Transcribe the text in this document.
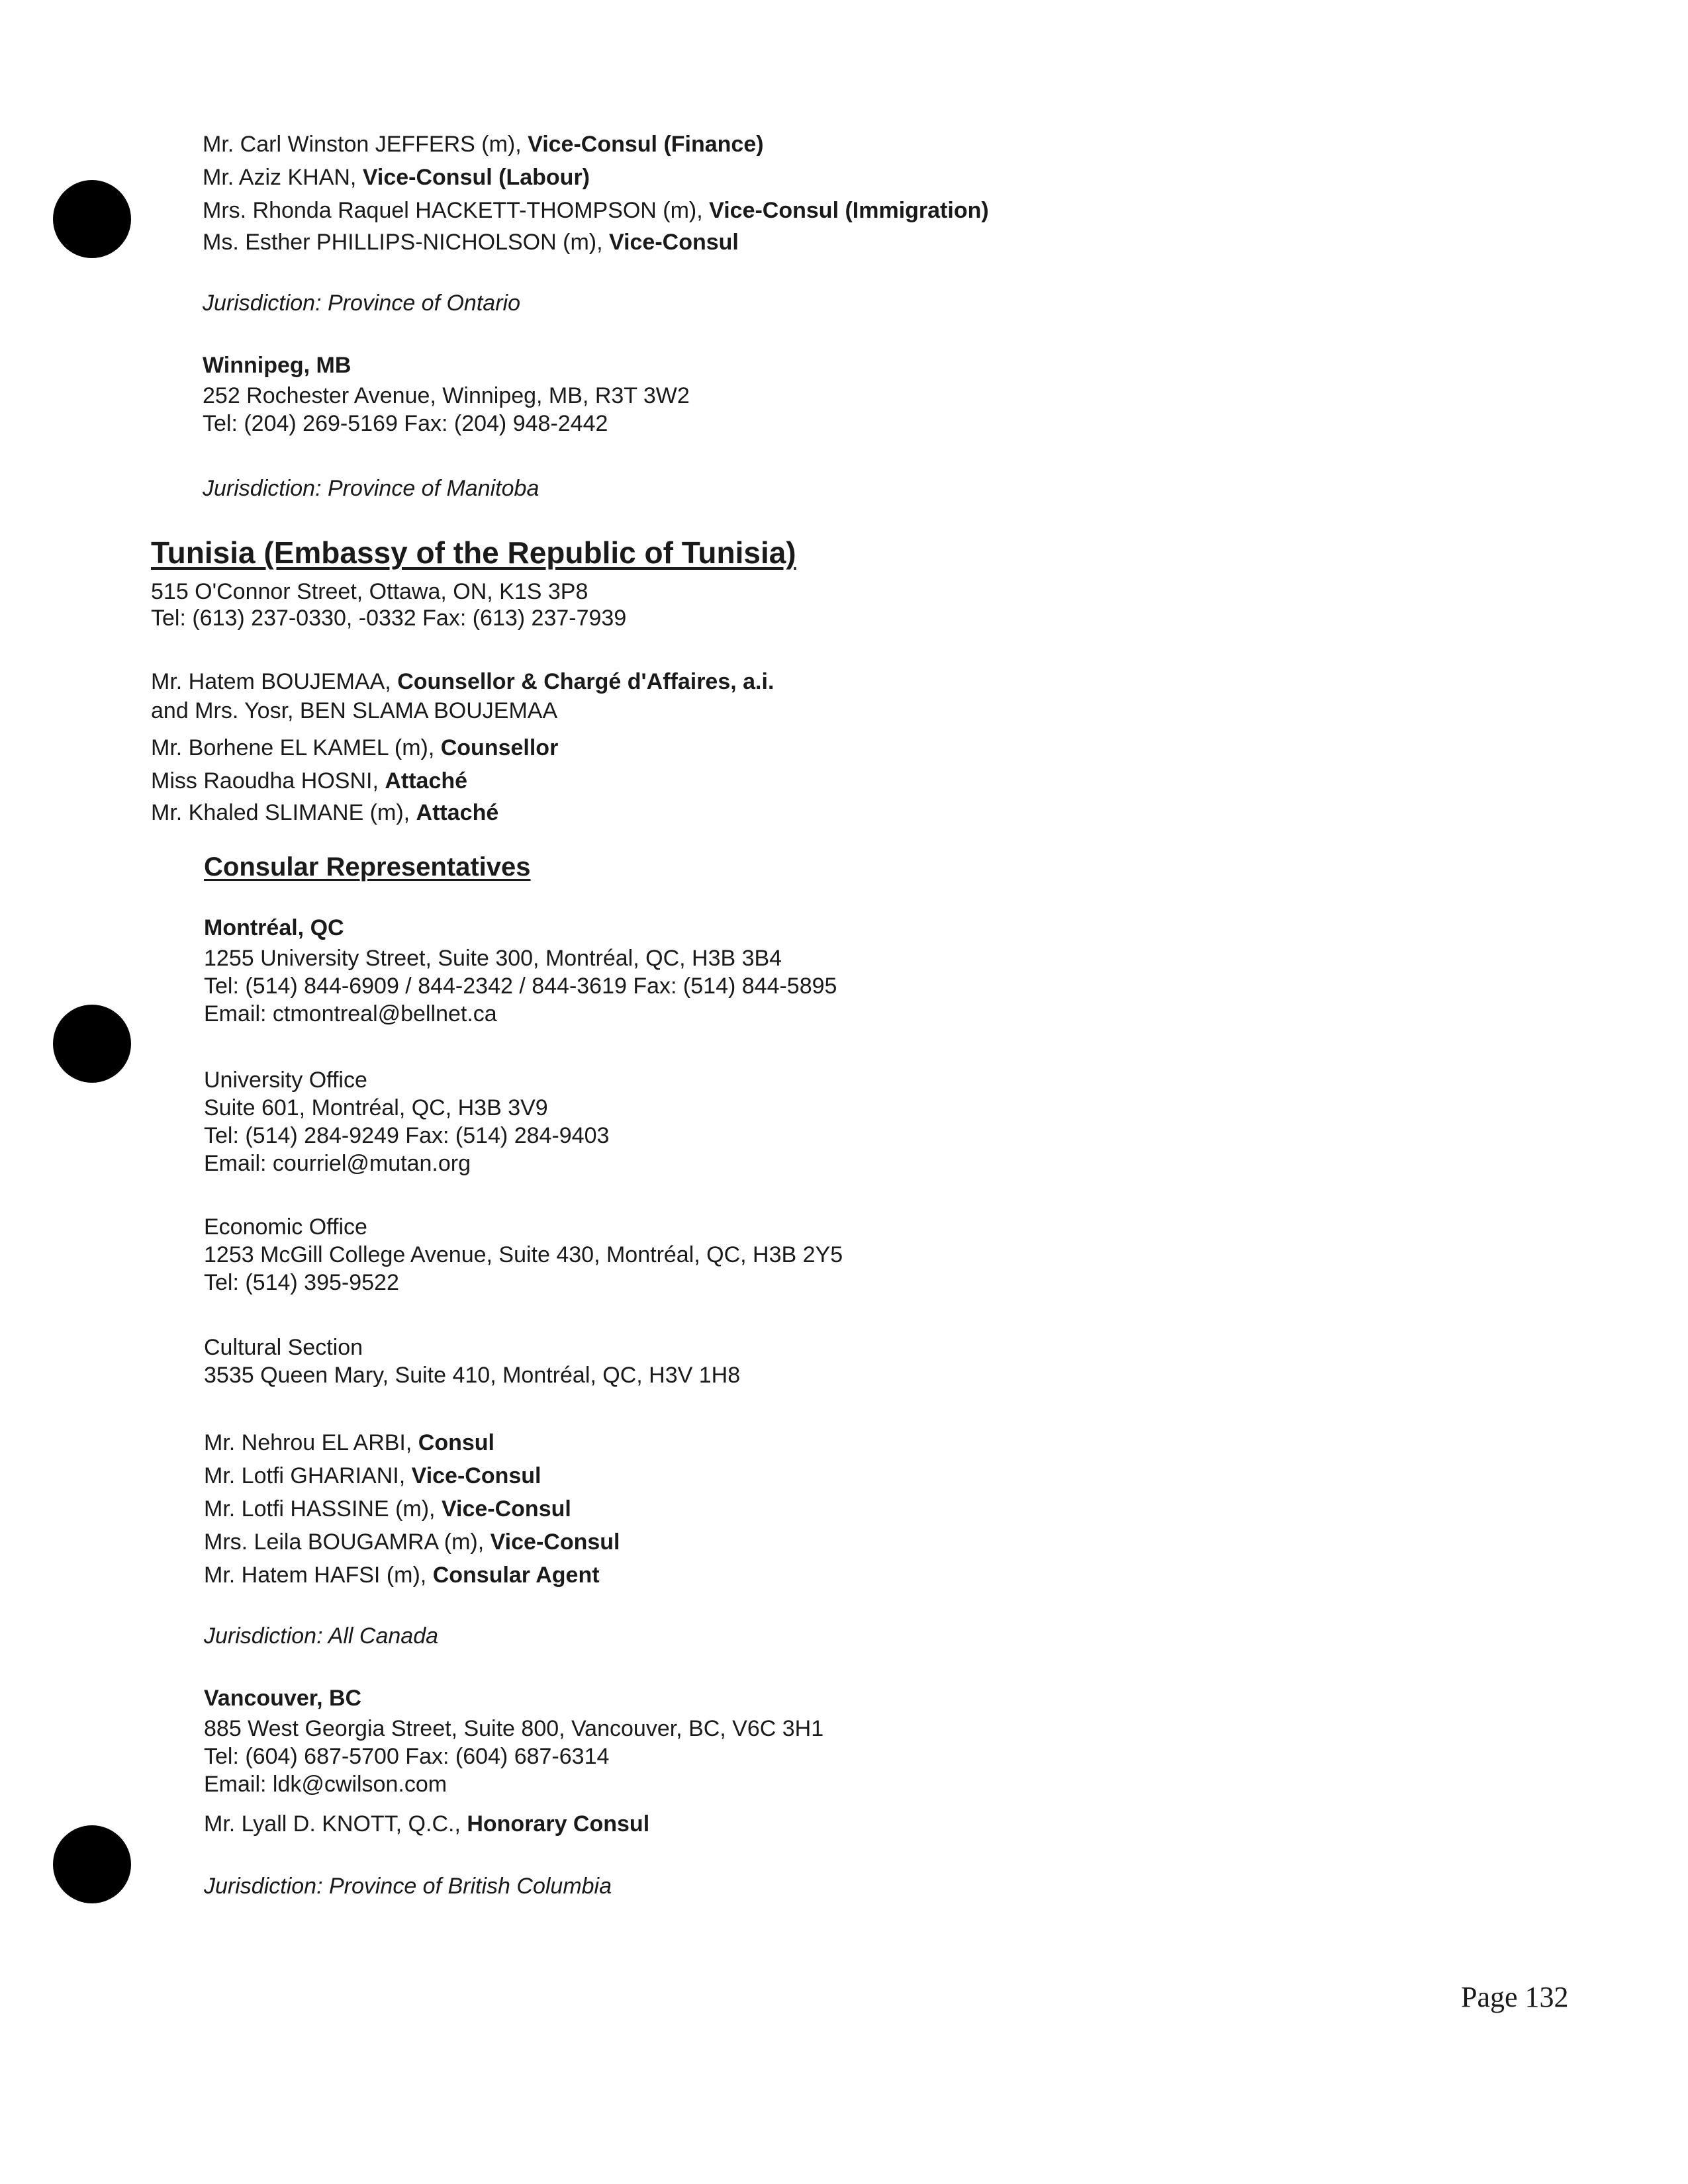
Mr. Carl Winston JEFFERS (m), Vice-Consul (Finance)
Mr. Aziz KHAN, Vice-Consul (Labour)
Mrs. Rhonda Raquel HACKETT-THOMPSON (m), Vice-Consul (Immigration)
Ms. Esther PHILLIPS-NICHOLSON (m), Vice-Consul
Jurisdiction: Province of Ontario
Winnipeg, MB
252 Rochester Avenue, Winnipeg, MB, R3T 3W2
Tel: (204) 269-5169 Fax: (204) 948-2442
Jurisdiction: Province of Manitoba
Tunisia (Embassy of the Republic of Tunisia)
515 O'Connor Street, Ottawa, ON, K1S 3P8
Tel: (613) 237-0330, -0332 Fax: (613) 237-7939
Mr. Hatem BOUJEMAA, Counsellor & Chargé d'Affaires, a.i.
and Mrs. Yosr, BEN SLAMA BOUJEMAA
Mr. Borhene EL KAMEL (m), Counsellor
Miss Raoudha HOSNI, Attaché
Mr. Khaled SLIMANE (m), Attaché
Consular Representatives
Montréal, QC
1255 University Street, Suite 300, Montréal, QC, H3B 3B4
Tel: (514) 844-6909 / 844-2342 / 844-3619 Fax: (514) 844-5895
Email: ctmontreal@bellnet.ca
University Office
Suite 601, Montréal, QC, H3B 3V9
Tel: (514) 284-9249 Fax: (514) 284-9403
Email: courriel@mutan.org
Economic Office
1253 McGill College Avenue, Suite 430, Montréal, QC, H3B 2Y5
Tel: (514) 395-9522
Cultural Section
3535 Queen Mary, Suite 410, Montréal, QC, H3V 1H8
Mr. Nehrou EL ARBI, Consul
Mr. Lotfi GHARIANI, Vice-Consul
Mr. Lotfi HASSINE (m), Vice-Consul
Mrs. Leila BOUGAMRA (m), Vice-Consul
Mr. Hatem HAFSI (m), Consular Agent
Jurisdiction: All Canada
Vancouver, BC
885 West Georgia Street, Suite 800, Vancouver, BC, V6C 3H1
Tel: (604) 687-5700 Fax: (604) 687-6314
Email: ldk@cwilson.com
Mr. Lyall D. KNOTT, Q.C., Honorary Consul
Jurisdiction: Province of British Columbia
Page 132
